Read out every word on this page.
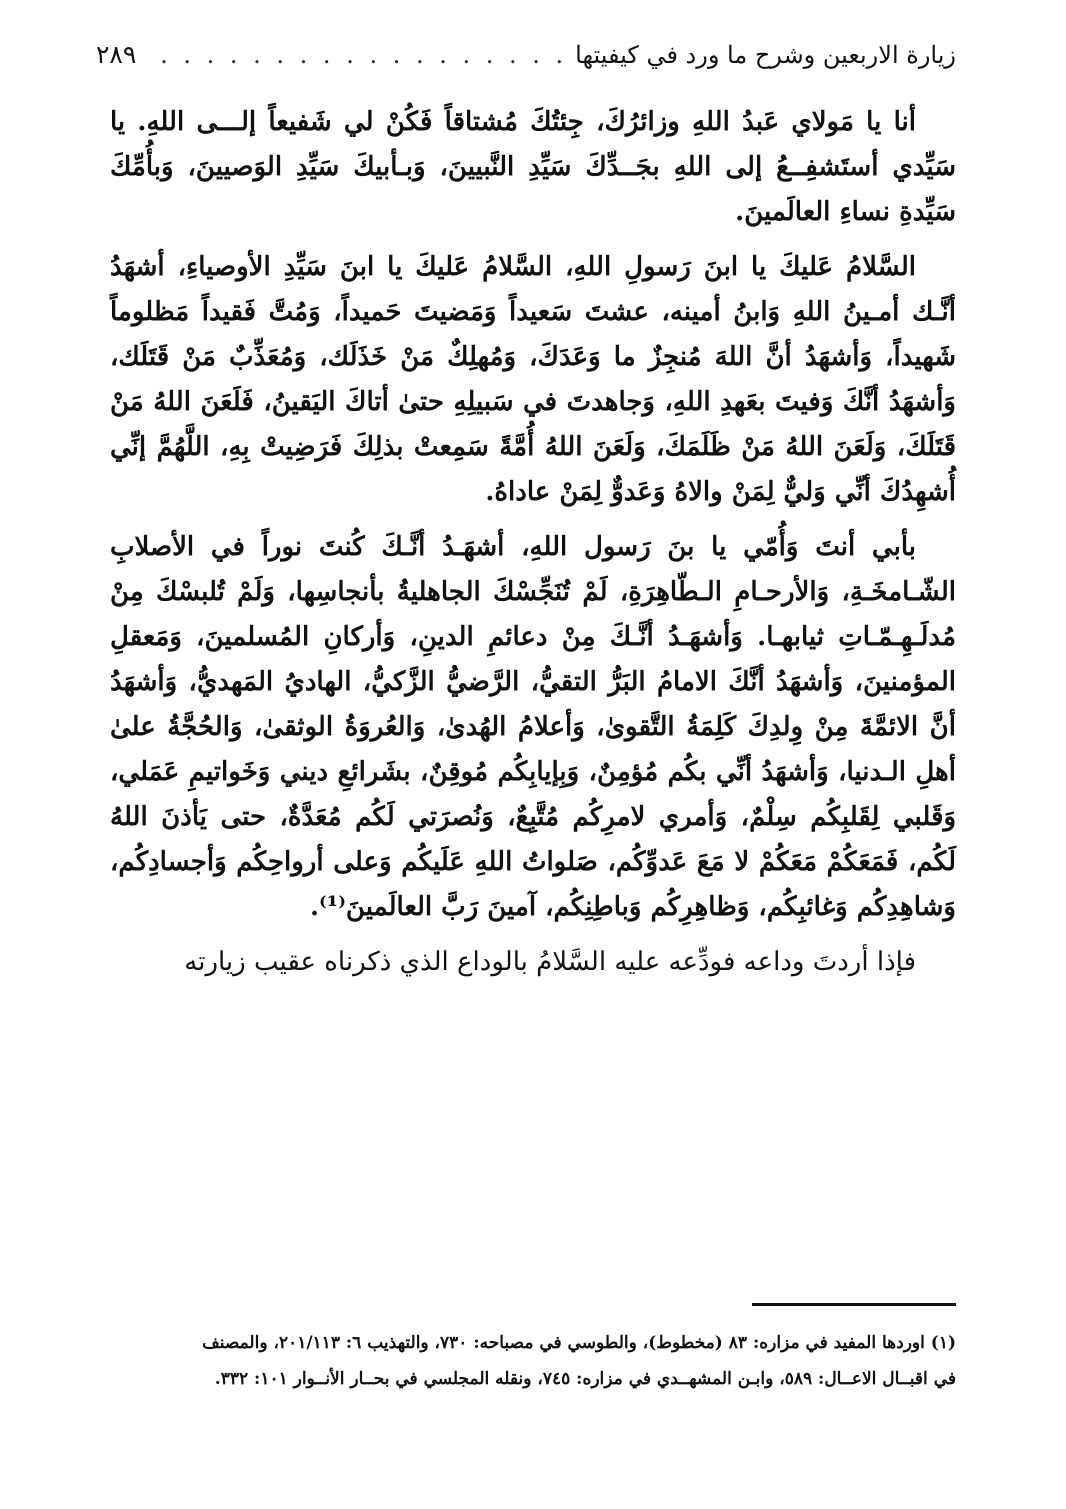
زيارة الاربعين وشرح ما ورد في كيفيتها
. . .
٢٨٩

أنا يا مَولاي عَبدُ اللهِ وزائرُكَ، جِئتُكَ مُشتاقاً فَكُنْ لي شَفيعاً إلـــى اللهِ. يا سَيِّدي أستَشفِــعُ إلى اللهِ بجَــدِّكَ سَيِّدِ النَّبيينَ، وَبـأبيكَ سَيِّدِ الوَصيينَ، وَبأُمِّكَ سَيِّدةِ نساءِ العالَمينَ.

السَّلامُ عَليكَ يا ابنَ رَسولِ اللهِ، السَّلامُ عَليكَ يا ابنَ سَيِّدِ الأوصياءِ، أشهَدُ أنَّـك أمـينُ اللهِ وَابنُ أمينه، عشتَ سَعيداً وَمَضيتَ حَميداً، وَمُتَّ فَقيداً مَظلوماً شَهيداً، وَأشهَدُ أنَّ اللهَ مُنجِزٌ ما وَعَدَكَ، وَمُهلِكٌ مَنْ خَذَلَك، وَمُعَذِّبٌ مَنْ قَتَلَك، وَأشهَدُ أنَّكَ وَفيتَ بعَهدِ اللهِ، وَجاهدتَ في سَبيلِهِ حتىٰ أتاكَ اليَقينُ، فَلَعَنَ اللهُ مَنْ قَتَلَكَ، وَلَعَنَ اللهُ مَنْ ظَلَمَكَ، وَلَعَنَ اللهُ أُمَّةً سَمِعتْ بذلِكَ فَرَضِيتْ بِهِ، اللَّهُمَّ إنِّي أُشهِدُكَ أنِّي وَليٌّ لِمَنْ والاهُ وَعَدوٌّ لِمَنْ عاداهُ.

بأبي أنتَ وَأُمّي يا بنَ رَسول اللهِ، أشهَـدُ أنَّـكَ كُنتَ نوراً في الأصلابِ الشّـامخَـةِ، وَالأرحـامِ الـطّاهِرَةِ، لَمْ تُنَجِّسْكَ الجاهليةُ بأنجاسِها، وَلَمْ تُلبسْكَ مِنْ مُدلَـهِـمّـاتِ ثيابهـا. وَأشهَـدُ أنَّـكَ مِنْ دعائمِ الدينِ، وَأركانِ المُسلمينَ، وَمَعقلِ المؤمنينَ، وَأشهَدُ أنَّكَ الامامُ البَرُّ التقيُّ، الرَّضيُّ الزَّكيُّ، الهاديُ المَهديُّ، وَأشهَدُ أنَّ الائمَّةَ مِنْ وِلدِكَ كَلِمَةُ التَّقوىٰ، وَأعلامُ الهُدىٰ، وَالعُروَةُ الوثقىٰ، وَالحُجَّةُ علىٰ أهلِ الـدنيا، وَأشهَدُ أنِّي بكُم مُؤمِنٌ، وَبِإيابِكُم مُوقِنٌ، بشَرائعِ ديني وَخَواتيمِ عَمَلي، وَقَلبي لِقَلبِكُم سِلْمٌ، وَأمري لامرِكُم مُتَّبِعٌ، وَنُصرَتي لَكُم مُعَدَّةٌ، حتى يَأذنَ اللهُ لَكُم، فَمَعَكُمْ مَعَكُمْ لا مَعَ عَدوِّكُم، صَلواتُ اللهِ عَلَيكُم وَعلى أرواحِكُم وَأجسادِكُم، وَشاهِدِكُم وَغائبِكُم، وَظاهِرِكُم وَباطِنِكُم، آمينَ رَبَّ العالَمينَ⁽¹⁾.

فإذا أردتَ وداعه فودِّعه عليه السَّلامُ بالوداع الذي ذكرناه عقيب زيارته

(١) اوردها المفيد في مزاره: ٨٣ (مخطوط)، والطوسي في مصباحه: ٧٣٠، والتهذيب ٦: ٢٠١/١١٣، والمصنف

في اقبــال الاعــال: ٥٨٩، وابـن المشهــدي في مزاره: ٧٤٥، ونقله المجلسي في بحــار الأنــوار ١٠١: ٣٣٢.
